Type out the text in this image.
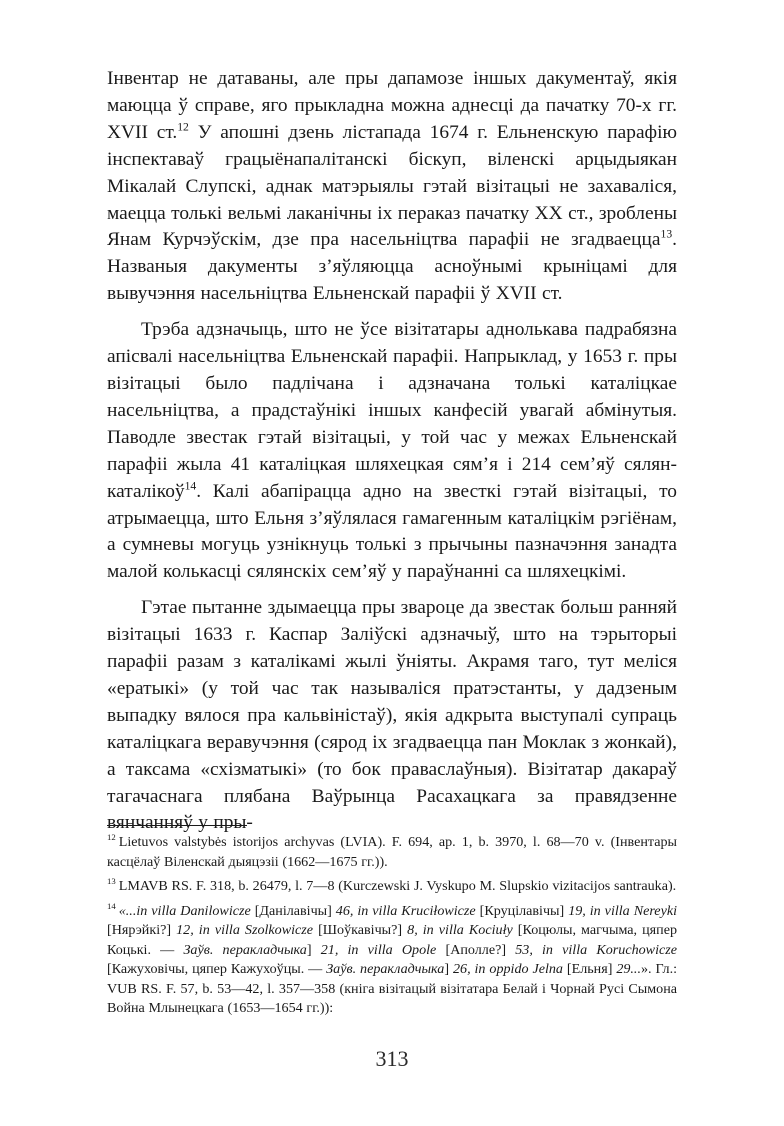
Інвентар не датаваны, але пры дапамозе іншых дакументаў, якія маюцца ў справе, яго прыкладна можна аднесці да пачатку 70-х гг. XVII ст.$^{12}$ У апошні дзень лістапада 1674 г. Ельненскую парафію інспектаваў грацыёнапалітанскі біскуп, віленскі арцыдыякан Мікалай Слупскі, аднак матэрыялы гэтай візітацыі не захаваліся, маецца толькі вельмі лаканічны іх пераказ пачатку XX ст., зроблены Янам Курчэўскім, дзе пра насельніцтва парафіі не згадваецца$^{13}$. Названыя дакументы з’яўляюцца асноўнымі крыніцамі для вывучэння насельніцтва Ельненскай парафіі ў XVII ст.

Трэба адзначыць, што не ўсе візітатары аднолькава падрабязна апісвалі насельніцтва Ельненскай парафіі. Напрыклад, у 1653 г. пры візітацыі было падлічана і адзначана толькі каталіцкае насельніцтва, а прадстаўнікі іншых канфесій увагай абмінутыя. Паводле звестак гэтай візітацыі, у той час у межах Ельненскай парафіі жыла 41 каталіцкая шляхецкая сям’я і 214 сем’яў сялян-каталікоў$^{14}$. Калі абапірацца адно на звесткі гэтай візітацыі, то атрымаецца, што Ельня з’яўлялася гамагенным каталіцкім рэгіёнам, а сумневы могуць узнікнуць толькі з прычыны пазначэння занадта малой колькасці сялянскіх сем’яў у параўнанні са шляхецкімі.

Гэтае пытанне здымаецца пры звароце да звестак больш ранняй візітацыі 1633 г. Каспар Заліўскі адзначыў, што на тэрыторыі парафіі разам з каталікамі жылі ўніяты. Акрамя таго, тут меліся «ератыкі» (у той час так называліся пратэстанты, у дадзеным выпадку вялося пра кальвіністаў), якія адкрыта выступалі супраць каталіцкага веравучэння (сярод іх згадваецца пан Моклак з жонкай), а таксама «схізматыкі» (то бок праваслаўныя). Візітатар дакараў тагачаснага плябана Ваўрынца Расахацкага за правядзенне вянчанняў у пры-

$^{12}$ Lietuvos valstybės istorijos archyvas (LVIA). F. 694, ap. 1, b. 3970, l. 68—70 v. (Інвентары касцёлаў Віленскай дыяцэзіі (1662—1675 гг.)).

$^{13}$ LMAVB RS. F. 318, b. 26479, l. 7—8 (Kurczewski J. Vyskupo M. Slupskio vizitacijos santrauka).

$^{14}$ «...in villa Danilowicze [Данілавічы] 46, in villa Kruciłowicze [Круцілавічы] 19, in villa Nereyki [Нярэйкі?] 12, in villa Szolkowicze [Шоўкавічы?] 8, in villa Kociuły [Коцюлы, магчыма, цяпер Коцькі. — Заўв. перакладчыка] 21, in villa Opole [Аполле?] 53, in villa Koruchowicze [Кажуховічы, цяпер Кажухоўцы. — Заўв. перакладчыка] 26, in oppido Jelna [Ельня] 29...». Гл.: VUB RS. F. 57, b. 53—42, l. 357—358 (кніга візітацый візітатара Белай і Чорнай Русі Сымона Война Млынецкага (1653—1654 гг.)):

313
